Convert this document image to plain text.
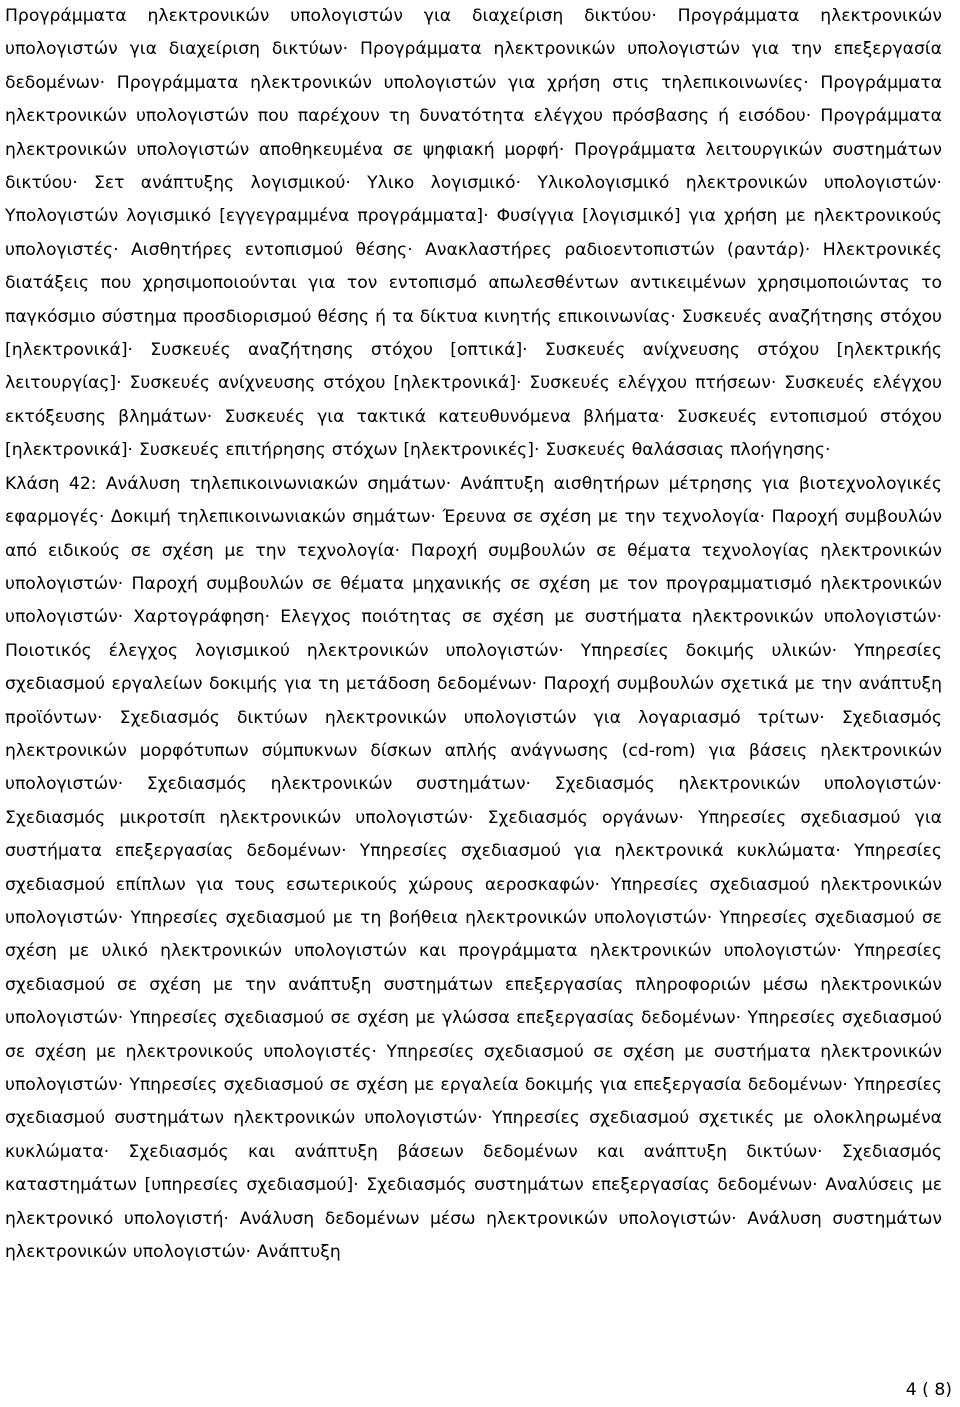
Προγράμματα ηλεκτρονικών υπολογιστών για διαχείριση δικτύου· Προγράμματα ηλεκτρονικών υπολογιστών για διαχείριση δικτύων· Προγράμματα ηλεκτρονικών υπολογιστών για την επεξεργασία δεδομένων· Προγράμματα ηλεκτρονικών υπολογιστών για χρήση στις τηλεπικοινωνίες· Προγράμματα ηλεκτρονικών υπολογιστών που παρέχουν τη δυνατότητα ελέγχου πρόσβασης ή εισόδου· Προγράμματα ηλεκτρονικών υπολογιστών αποθηκευμένα σε ψηφιακή μορφή· Προγράμματα λειτουργικών συστημάτων δικτύου· Σετ ανάπτυξης λογισμικού· Υλικο λογισμικό· Υλικολογισμικό ηλεκτρονικών υπολογιστών· Υπολογιστών λογισμικό [εγγεγραμμένα προγράμματα]· Φυσίγγια [λογισμικό] για χρήση με ηλεκτρονικούς υπολογιστές· Αισθητήρες εντοπισμού θέσης· Ανακλαστήρες ραδιοεντοπιστών (ραντάρ)· Ηλεκτρονικές διατάξεις που χρησιμοποιούνται για τον εντοπισμό απωλεσθέντων αντικειμένων χρησιμοποιώντας το παγκόσμιο σύστημα προσδιορισμού θέσης ή τα δίκτυα κινητής επικοινωνίας· Συσκευές αναζήτησης στόχου [ηλεκτρονικά]· Συσκευές αναζήτησης στόχου [οπτικά]· Συσκευές ανίχνευσης στόχου [ηλεκτρικής λειτουργίας]· Συσκευές ανίχνευσης στόχου [ηλεκτρονικά]· Συσκευές ελέγχου πτήσεων· Συσκευές ελέγχου εκτόξευσης βλημάτων· Συσκευές για τακτικά κατευθυνόμενα βλήματα· Συσκευές εντοπισμού στόχου [ηλεκτρονικά]· Συσκευές επιτήρησης στόχων [ηλεκτρονικές]· Συσκευές θαλάσσιας πλοήγησης·

Κλάση 42: Ανάλυση τηλεπικοινωνιακών σημάτων· Ανάπτυξη αισθητήρων μέτρησης για βιοτεχνολογικές εφαρμογές· Δοκιμή τηλεπικοινωνιακών σημάτων· Έρευνα σε σχέση με την τεχνολογία· Παροχή συμβουλών από ειδικούς σε σχέση με την τεχνολογία· Παροχή συμβουλών σε θέματα τεχνολογίας ηλεκτρονικών υπολογιστών· Παροχή συμβουλών σε θέματα μηχανικής σε σχέση με τον προγραμματισμό ηλεκτρονικών υπολογιστών· Χαρτογράφηση· Ελεγχος ποιότητας σε σχέση με συστήματα ηλεκτρονικών υπολογιστών· Ποιοτικός έλεγχος λογισμικού ηλεκτρονικών υπολογιστών· Υπηρεσίες δοκιμής υλικών· Υπηρεσίες σχεδιασμού εργαλείων δοκιμής για τη μετάδοση δεδομένων· Παροχή συμβουλών σχετικά με την ανάπτυξη προϊόντων· Σχεδιασμός δικτύων ηλεκτρονικών υπολογιστών για λογαριασμό τρίτων· Σχεδιασμός ηλεκτρονικών μορφότυπων σύμπυκνων δίσκων απλής ανάγνωσης (cd-rom) για βάσεις ηλεκτρονικών υπολογιστών· Σχεδιασμός ηλεκτρονικών συστημάτων· Σχεδιασμός ηλεκτρονικών υπολογιστών· Σχεδιασμός μικροτσίπ ηλεκτρονικών υπολογιστών· Σχεδιασμός οργάνων· Υπηρεσίες σχεδιασμού για συστήματα επεξεργασίας δεδομένων· Υπηρεσίες σχεδιασμού για ηλεκτρονικά κυκλώματα· Υπηρεσίες σχεδιασμού επίπλων για τους εσωτερικούς χώρους αεροσκαφών· Υπηρεσίες σχεδιασμού ηλεκτρονικών υπολογιστών· Υπηρεσίες σχεδιασμού με τη βοήθεια ηλεκτρονικών υπολογιστών· Υπηρεσίες σχεδιασμού σε σχέση με υλικό ηλεκτρονικών υπολογιστών και προγράμματα ηλεκτρονικών υπολογιστών· Υπηρεσίες σχεδιασμού σε σχέση με την ανάπτυξη συστημάτων επεξεργασίας πληροφοριών μέσω ηλεκτρονικών υπολογιστών· Υπηρεσίες σχεδιασμού σε σχέση με γλώσσα επεξεργασίας δεδομένων· Υπηρεσίες σχεδιασμού σε σχέση με ηλεκτρονικούς υπολογιστές· Υπηρεσίες σχεδιασμού σε σχέση με συστήματα ηλεκτρονικών υπολογιστών· Υπηρεσίες σχεδιασμού σε σχέση με εργαλεία δοκιμής για επεξεργασία δεδομένων· Υπηρεσίες σχεδιασμού συστημάτων ηλεκτρονικών υπολογιστών· Υπηρεσίες σχεδιασμού σχετικές με ολοκληρωμένα κυκλώματα· Σχεδιασμός και ανάπτυξη βάσεων δεδομένων και ανάπτυξη δικτύων· Σχεδιασμός καταστημάτων [υπηρεσίες σχεδιασμού]· Σχεδιασμός συστημάτων επεξεργασίας δεδομένων· Αναλύσεις με ηλεκτρονικό υπολογιστή· Ανάλυση δεδομένων μέσω ηλεκτρονικών υπολογιστών· Ανάλυση συστημάτων ηλεκτρονικών υπολογιστών· Ανάπτυξη

4 ( 8)
